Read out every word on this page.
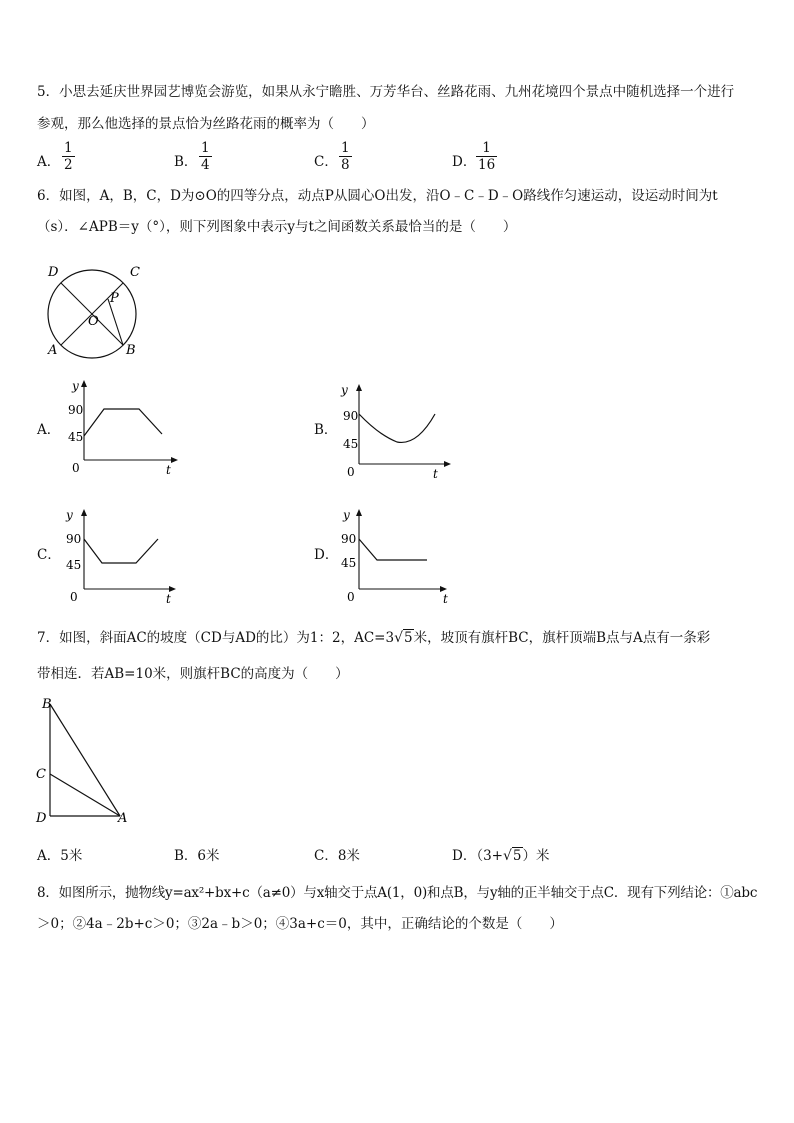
5．小思去延庆世界园艺博览会游览，如果从永宁瞻胜、万芳华台、丝路花雨、九州花境四个景点中随机选择一个进行
参观，那么他选择的景点恰为丝路花雨的概率为（　　）
A．
1
2	B．
1
4	C．
1
8	D．
1
16
6．如图，A，B，C，D为⊙O的四等分点，动点P从圆心O出发，沿O﹣C﹣D﹣O路线作匀速运动，设运动时间为t
（s）．∠APB＝y（°），则下列图象中表示y与t之间函数关系最恰当的是（　　）
D	C
P
O
A	B
A．
y
90
45
0	t
B．
y
90
45
0	t
C．
y
90
45
0	t
D．
y
90
45
0	t
7．如图，斜面AC的坡度（CD与AD的比）为1：2，AC=3√5米，坡顶有旗杆BC，旗杆顶端B点与A点有一条彩
带相连．若AB=10米，则旗杆BC的高度为（　　）
B
C
D	A
A．5米	B．6米	C．8米	D．（3+√5）米
8．如图所示，抛物线y=ax²+bx+c（a≠0）与x轴交于点A(1，0)和点B，与y轴的正半轴交于点C．现有下列结论：①abc
＞0；②4a﹣2b+c＞0；③2a﹣b＞0；④3a+c＝0，其中，正确结论的个数是（　　）
